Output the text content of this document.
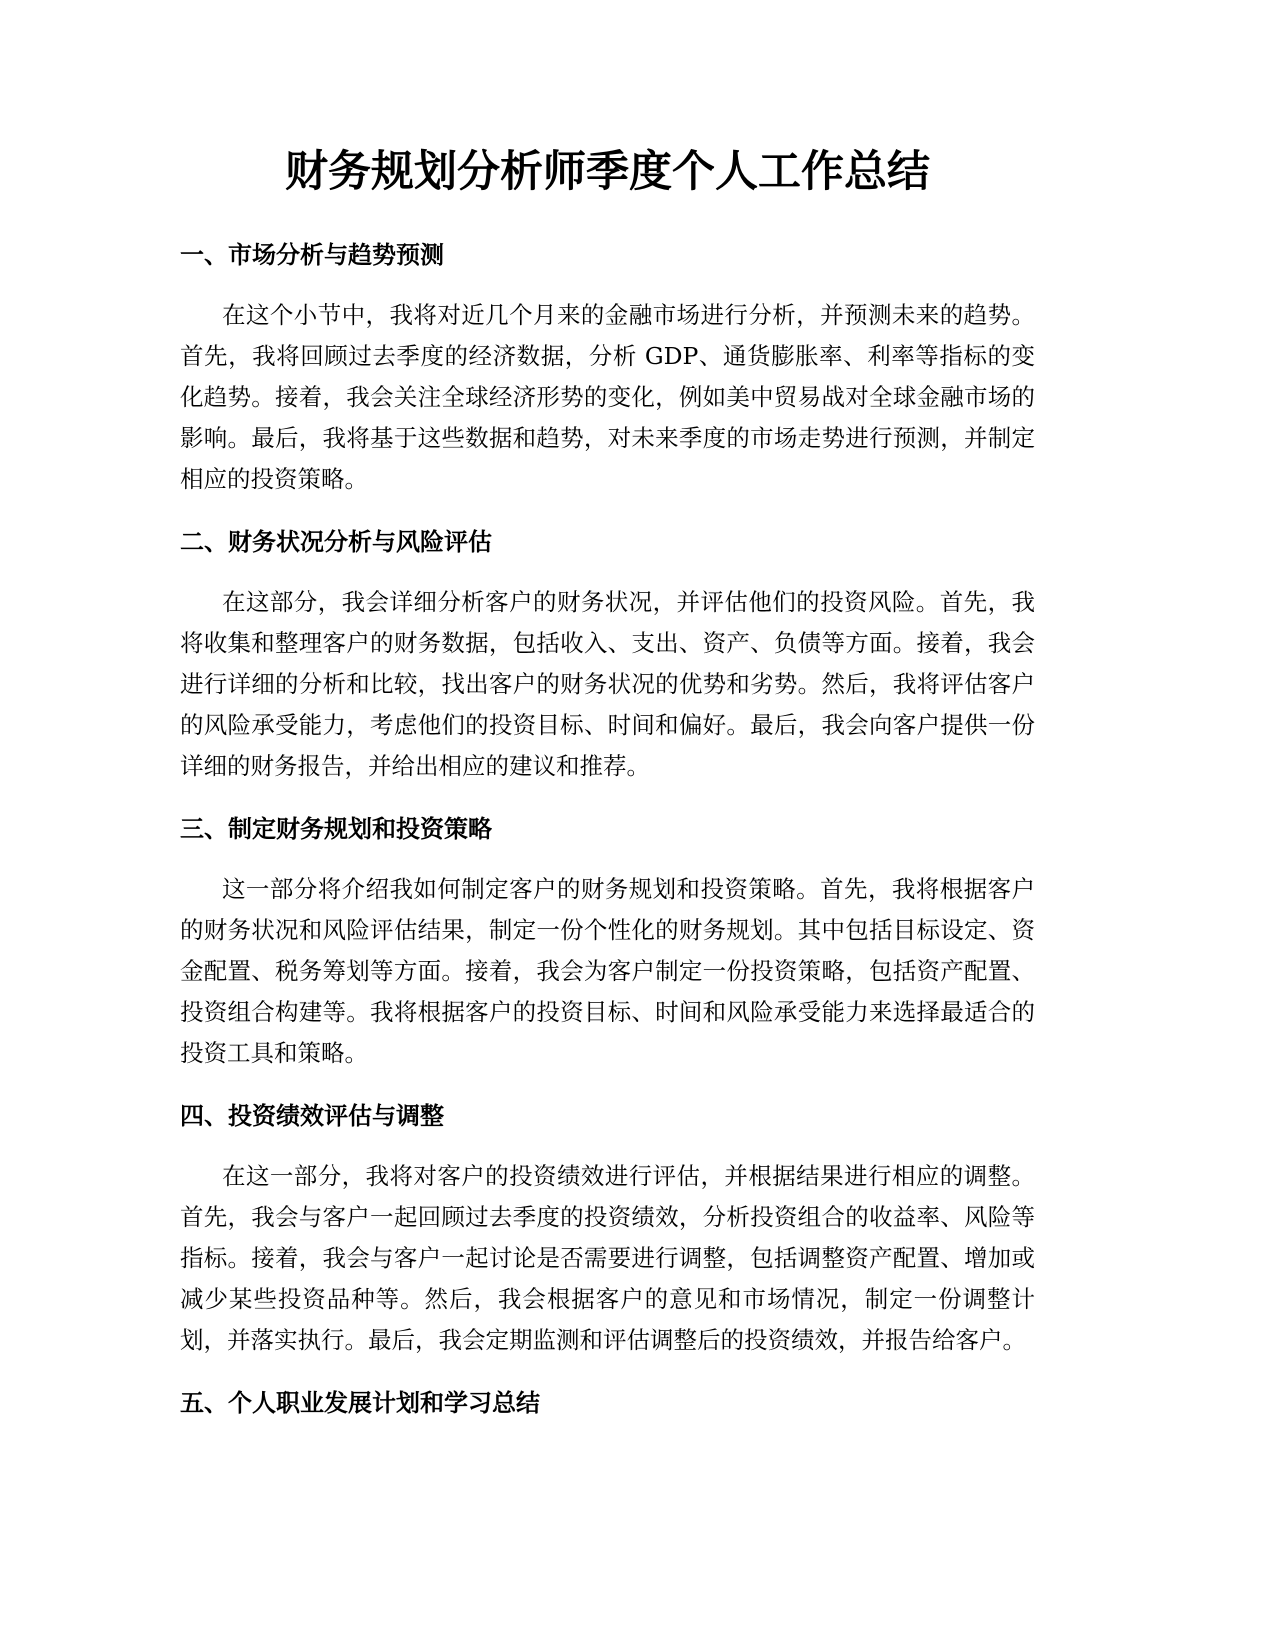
财务规划分析师季度个人工作总结
一、市场分析与趋势预测

在这个小节中，我将对近几个月来的金融市场进行分析，并预测未来的趋势。首先，我将回顾过去季度的经济数据，分析 GDP、通货膨胀率、利率等指标的变化趋势。接着，我会关注全球经济形势的变化，例如美中贸易战对全球金融市场的影响。最后，我将基于这些数据和趋势，对未来季度的市场走势进行预测，并制定相应的投资策略。

二、财务状况分析与风险评估

在这部分，我会详细分析客户的财务状况，并评估他们的投资风险。首先，我将收集和整理客户的财务数据，包括收入、支出、资产、负债等方面。接着，我会进行详细的分析和比较，找出客户的财务状况的优势和劣势。然后，我将评估客户的风险承受能力，考虑他们的投资目标、时间和偏好。最后，我会向客户提供一份详细的财务报告，并给出相应的建议和推荐。

三、制定财务规划和投资策略

这一部分将介绍我如何制定客户的财务规划和投资策略。首先，我将根据客户的财务状况和风险评估结果，制定一份个性化的财务规划。其中包括目标设定、资金配置、税务筹划等方面。接着，我会为客户制定一份投资策略，包括资产配置、投资组合构建等。我将根据客户的投资目标、时间和风险承受能力来选择最适合的投资工具和策略。

四、投资绩效评估与调整

在这一部分，我将对客户的投资绩效进行评估，并根据结果进行相应的调整。首先，我会与客户一起回顾过去季度的投资绩效，分析投资组合的收益率、风险等指标。接着，我会与客户一起讨论是否需要进行调整，包括调整资产配置、增加或减少某些投资品种等。然后，我会根据客户的意见和市场情况，制定一份调整计划，并落实执行。最后，我会定期监测和评估调整后的投资绩效，并报告给客户。

五、个人职业发展计划和学习总结
